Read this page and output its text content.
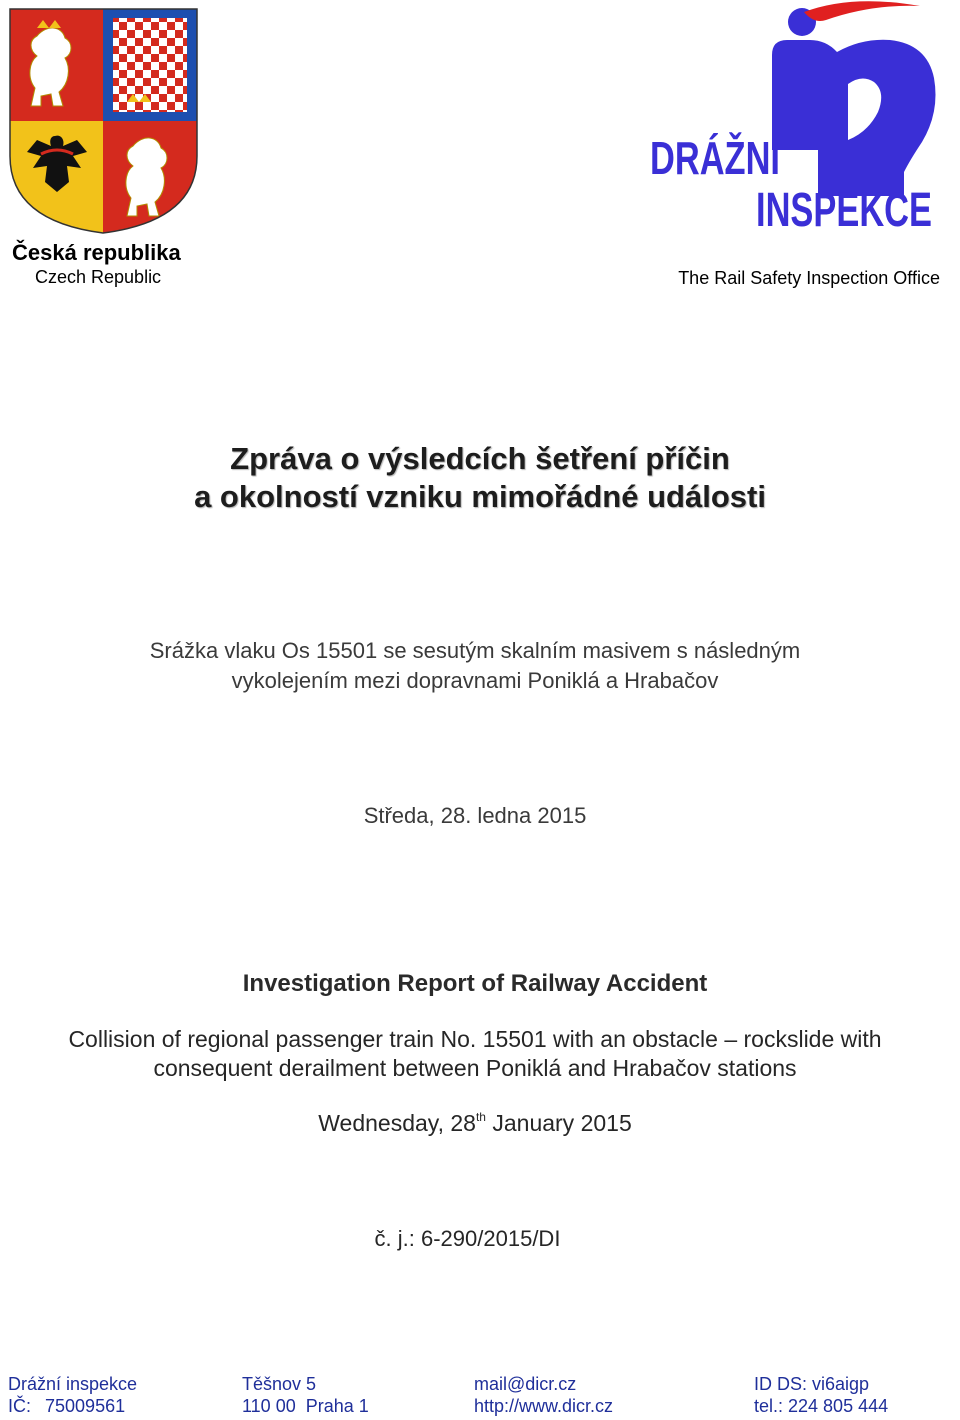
Česká republika
Czech Republic
DRÁŽNÍ
INSPEKCE
The Rail Safety Inspection Office
Zpráva o výsledcích šetření příčin
a okolností vzniku mimořádné události
Srážka vlaku Os 15501 se sesutým skalním masivem s následným
vykolejením mezi dopravnami Poniklá a Hrabačov
Středa, 28. ledna 2015
Investigation Report of Railway Accident
Collision of regional passenger train No. 15501 with an obstacle – rockslide with
consequent derailment between Poniklá and Hrabačov stations
Wednesday, 28th January 2015
č. j.: 6-290/2015/DI
Drážní inspekce
IČ: 75009561
Těšnov 5
110 00  Praha 1
mail@dicr.cz
http://www.dicr.cz
ID DS: vi6aigp
tel.: 224 805 444
